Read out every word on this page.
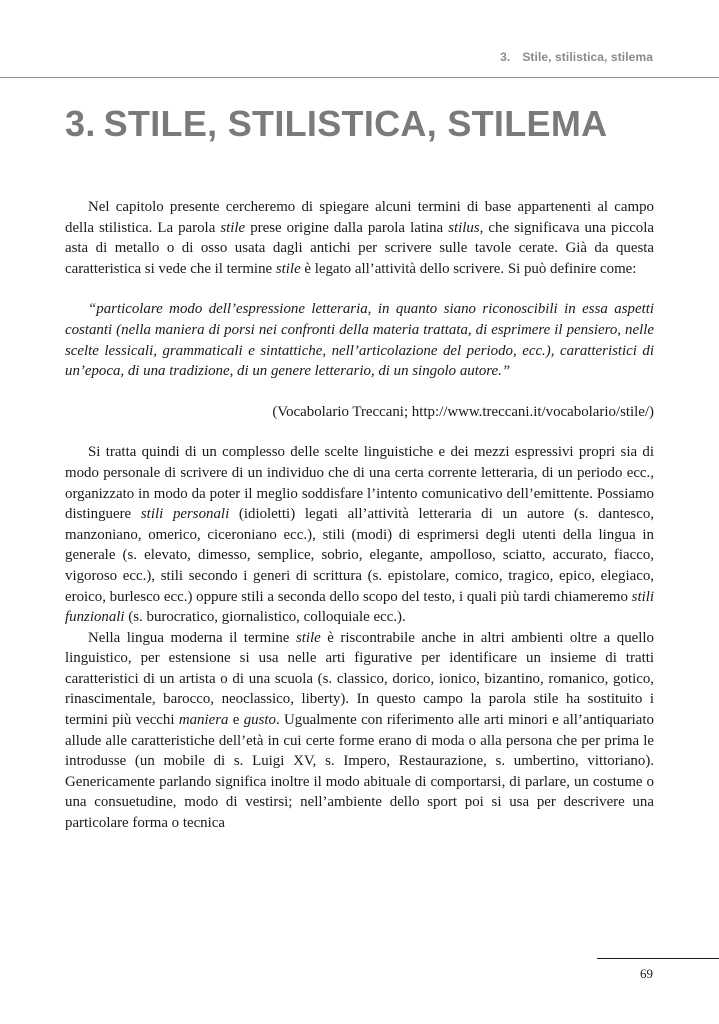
3. Stile, stilistica, stilema
3. STILE, STILISTICA, STILEMA

Nel capitolo presente cercheremo di spiegare alcuni termini di base appartenenti al campo della stilistica. La parola stile prese origine dalla parola latina stilus, che significava una piccola asta di metallo o di osso usata dagli antichi per scrivere sulle tavole cerate. Già da questa caratteristica si vede che il termine stile è legato all’attività dello scrivere. Si può definire come:

“particolare modo dell’espressione letteraria, in quanto siano riconoscibili in essa aspetti costanti (nella maniera di porsi nei confronti della materia trattata, di esprimere il pensiero, nelle scelte lessicali, grammaticali e sintattiche, nell’articolazione del periodo, ecc.), caratteristici di un’epoca, di una tradizione, di un genere letterario, di un singolo autore.”

(Vocabolario Treccani; http://www.treccani.it/vocabolario/stile/)

Si tratta quindi di un complesso delle scelte linguistiche e dei mezzi espressivi propri sia di modo personale di scrivere di un individuo che di una certa corrente letteraria, di un periodo ecc., organizzato in modo da poter il meglio soddisfare l’intento comunicativo dell’emittente. Possiamo distinguere stili personali (idioletti) legati all’attività letteraria di un autore (s. dantesco, manzoniano, omerico, ciceroniano ecc.), stili (modi) di esprimersi degli utenti della lingua in generale (s. elevato, dimesso, semplice, sobrio, elegante, ampolloso, sciatto, accurato, fiacco, vigoroso ecc.), stili secondo i generi di scrittura (s. epistolare, comico, tragico, epico, elegiaco, eroico, burlesco ecc.) oppure stili a seconda dello scopo del testo, i quali più tardi chiameremo stili funzionali (s. burocratico, giornalistico, colloquiale ecc.).

Nella lingua moderna il termine stile è riscontrabile anche in altri ambienti oltre a quello linguistico, per estensione si usa nelle arti figurative per identificare un insieme di tratti caratteristici di un artista o di una scuola (s. classico, dorico, ionico, bizantino, romanico, gotico, rinascimentale, barocco, neoclassico, liberty). In questo campo la parola stile ha sostituito i termini più vecchi maniera e gusto. Ugualmente con riferimento alle arti minori e all’antiquariato allude alle caratteristiche dell’età in cui certe forme erano di moda o alla persona che per prima le introdusse (un mobile di s. Luigi XV, s. Impero, Restaurazione, s. umbertino, vittoriano). Genericamente parlando significa inoltre il modo abituale di comportarsi, di parlare, un costume o una consuetudine, modo di vestirsi; nell’ambiente dello sport poi si usa per descrivere una particolare forma o tecnica

69
